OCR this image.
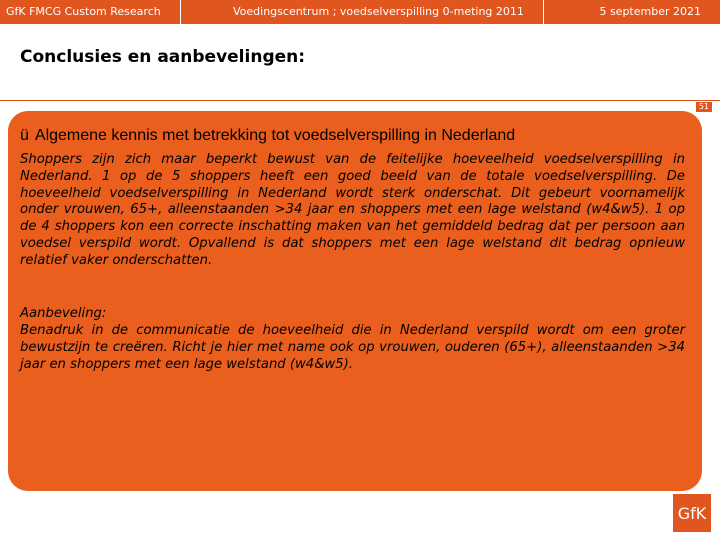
GfK FMCG Custom Research	Voedingscentrum ; voedselverspilling 0-meting 2011	5 september 2021
Conclusies en aanbevelingen:
51
ü Algemene kennis met betrekking tot voedselverspilling in Nederland
Shoppers zijn zich maar beperkt bewust van de feitelijke hoeveelheid voedselverspilling in Nederland. 1 op de 5 shoppers heeft een goed beeld van de totale voedselverspilling. De hoeveelheid voedselverspilling in Nederland wordt sterk onderschat. Dit gebeurt voornamelijk onder vrouwen, 65+, alleenstaanden >34 jaar en shoppers met een lage welstand (w4&w5). 1 op de 4 shoppers kon een correcte inschatting maken van het gemiddeld bedrag dat per persoon aan voedsel verspild wordt. Opvallend is dat shoppers met een lage welstand dit bedrag opnieuw relatief vaker onderschatten.
Aanbeveling:
Benadruk in de communicatie de hoeveelheid die in Nederland verspild wordt om een groter bewustzijn te creëren. Richt je hier met name ook op vrouwen, ouderen (65+), alleenstaanden >34 jaar en shoppers met een lage welstand (w4&w5).
GfK
